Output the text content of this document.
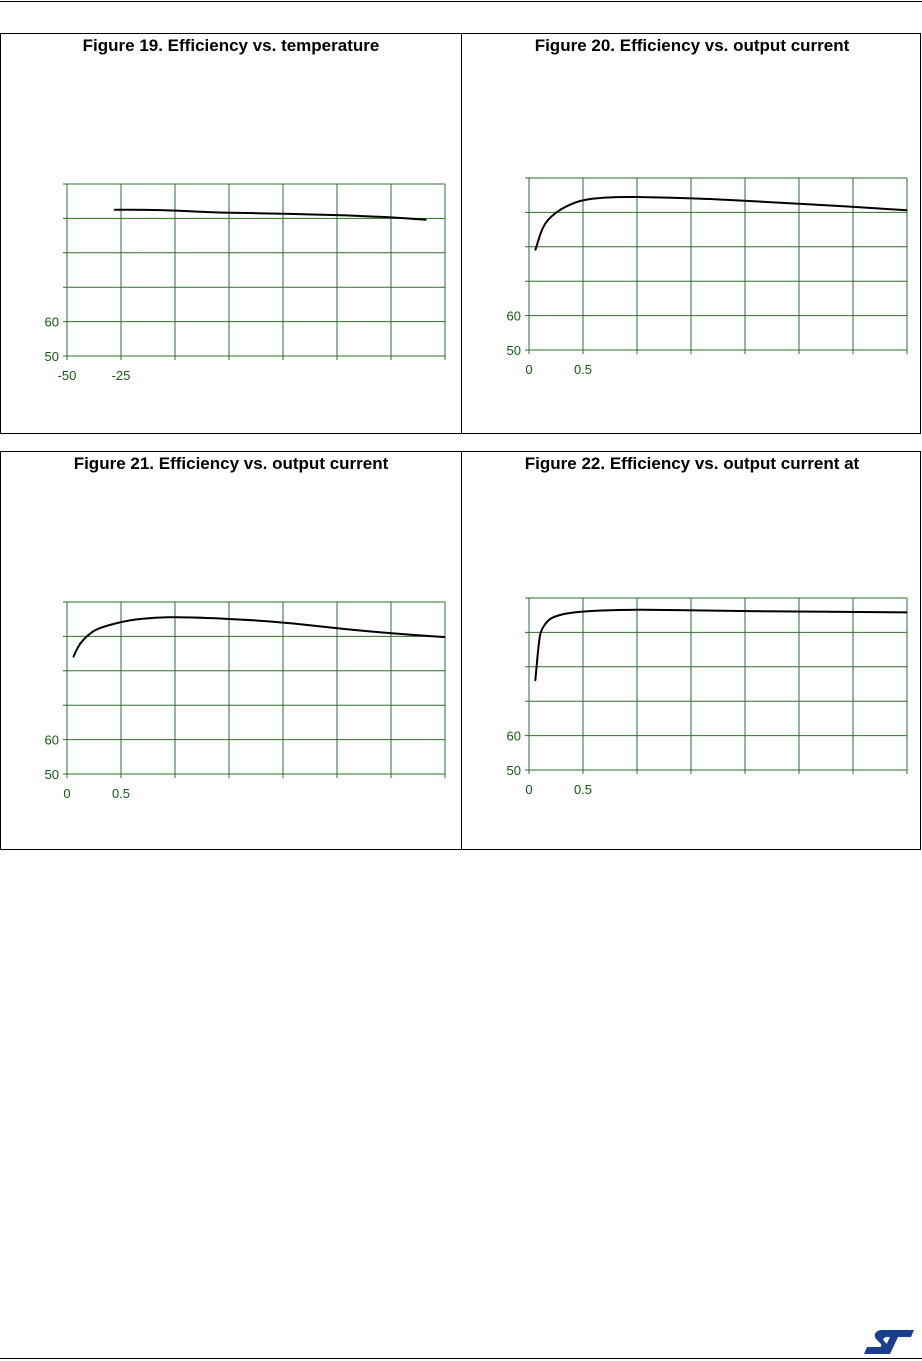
Figure 19. Efficiency vs. temperature	Figure 20. Efficiency vs. output current
60
50
-50	-25
60
50
0	0.5
Figure 21. Efficiency vs. output current	Figure 22. Efficiency vs. output current at
60
50
0	0.5
60
50
0	0.5
